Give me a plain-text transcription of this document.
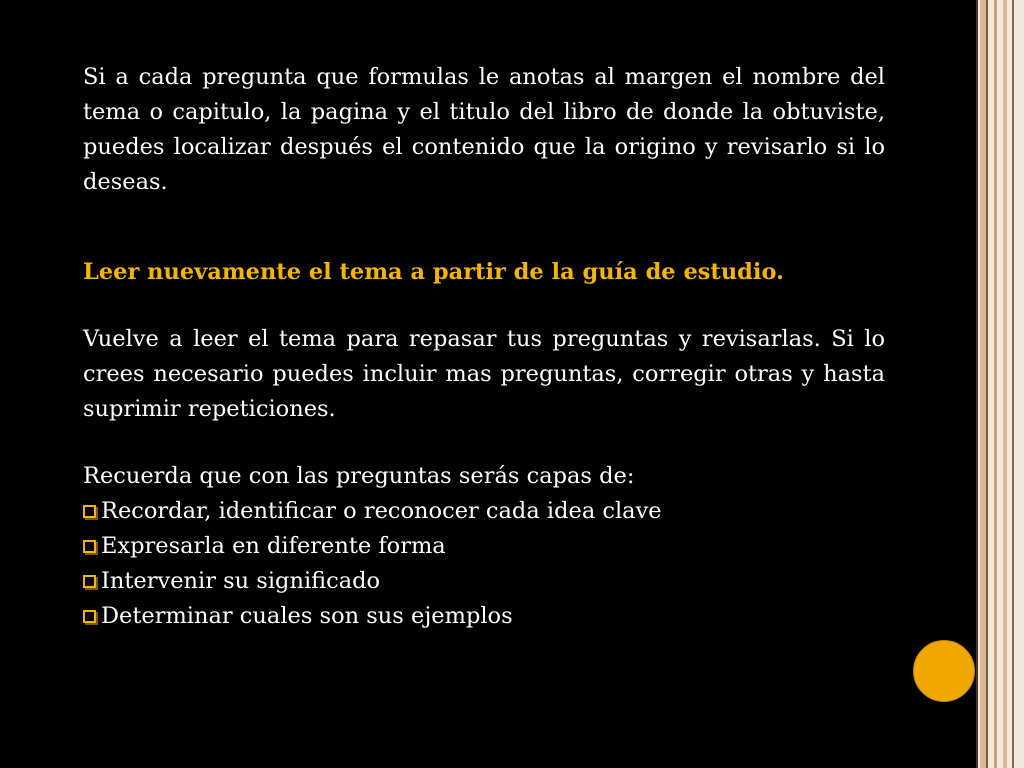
Si a cada pregunta que formulas le anotas al margen el nombre del tema o capitulo, la pagina y el titulo del libro de donde la obtuviste, puedes localizar después el contenido que la origino y revisarlo si lo deseas.

Leer nuevamente el tema a partir de la guía de estudio.

Vuelve a leer el tema para repasar tus preguntas y revisarlas. Si lo crees necesario puedes incluir mas preguntas, corregir otras y hasta suprimir repeticiones.

Recuerda que con las preguntas serás capas de:

Recordar, identificar o reconocer cada idea clave
Expresarla en diferente forma
Intervenir su significado
Determinar cuales son sus ejemplos
